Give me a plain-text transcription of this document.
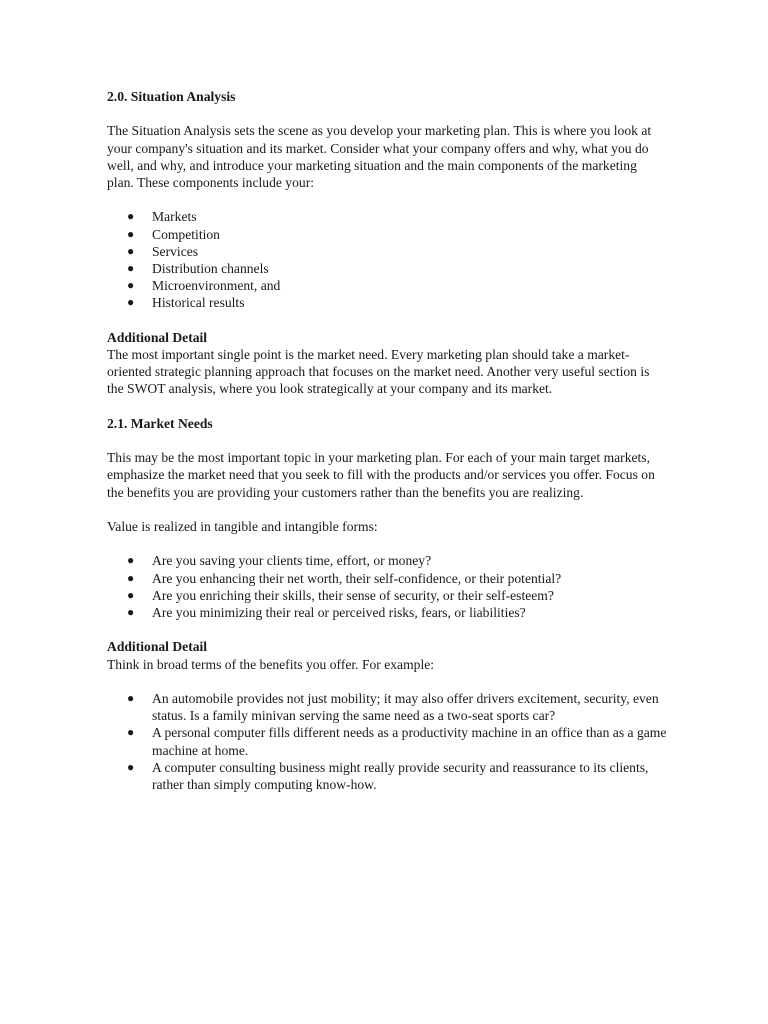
2.0. Situation Analysis

The Situation Analysis sets the scene as you develop your marketing plan. This is where you look at your company's situation and its market. Consider what your company offers and why, what you do well, and why, and introduce your marketing situation and the main components of the marketing plan. These components include your:

● Markets
● Competition
● Services
● Distribution channels
● Microenvironment, and
● Historical results

Additional Detail

The most important single point is the market need. Every marketing plan should take a market-oriented strategic planning approach that focuses on the market need. Another very useful section is the SWOT analysis, where you look strategically at your company and its market.

2.1. Market Needs

This may be the most important topic in your marketing plan. For each of your main target markets, emphasize the market need that you seek to fill with the products and/or services you offer. Focus on the benefits you are providing your customers rather than the benefits you are realizing.

Value is realized in tangible and intangible forms:

● Are you saving your clients time, effort, or money?
● Are you enhancing their net worth, their self-confidence, or their potential?
● Are you enriching their skills, their sense of security, or their self-esteem?
● Are you minimizing their real or perceived risks, fears, or liabilities?

Additional Detail

Think in broad terms of the benefits you offer. For example:

● An automobile provides not just mobility; it may also offer drivers excitement, security, even status. Is a family minivan serving the same need as a two-seat sports car?
● A personal computer fills different needs as a productivity machine in an office than as a game machine at home.
● A computer consulting business might really provide security and reassurance to its clients, rather than simply computing know-how.
